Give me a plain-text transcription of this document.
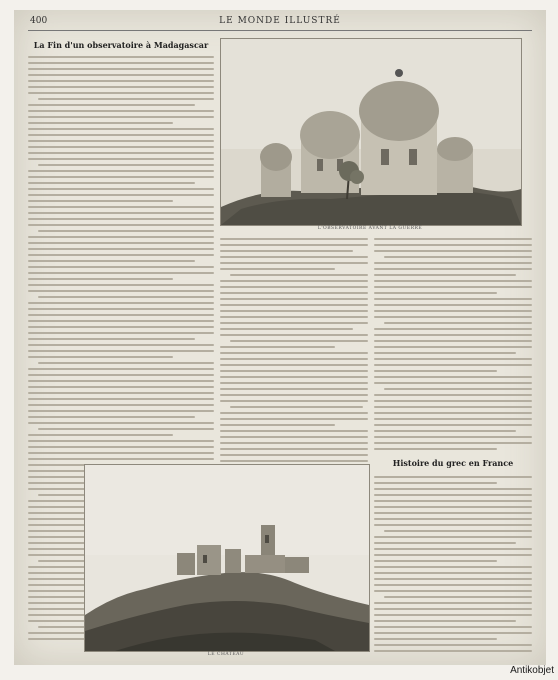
400	LE MONDE ILLUSTRÉ
La Fin d'un observatoire à Madagascar
L'OBSERVATOIRE AVANT LA GUERRE
Histoire du grec en France
LE CHÂTEAU
Antikobjet
